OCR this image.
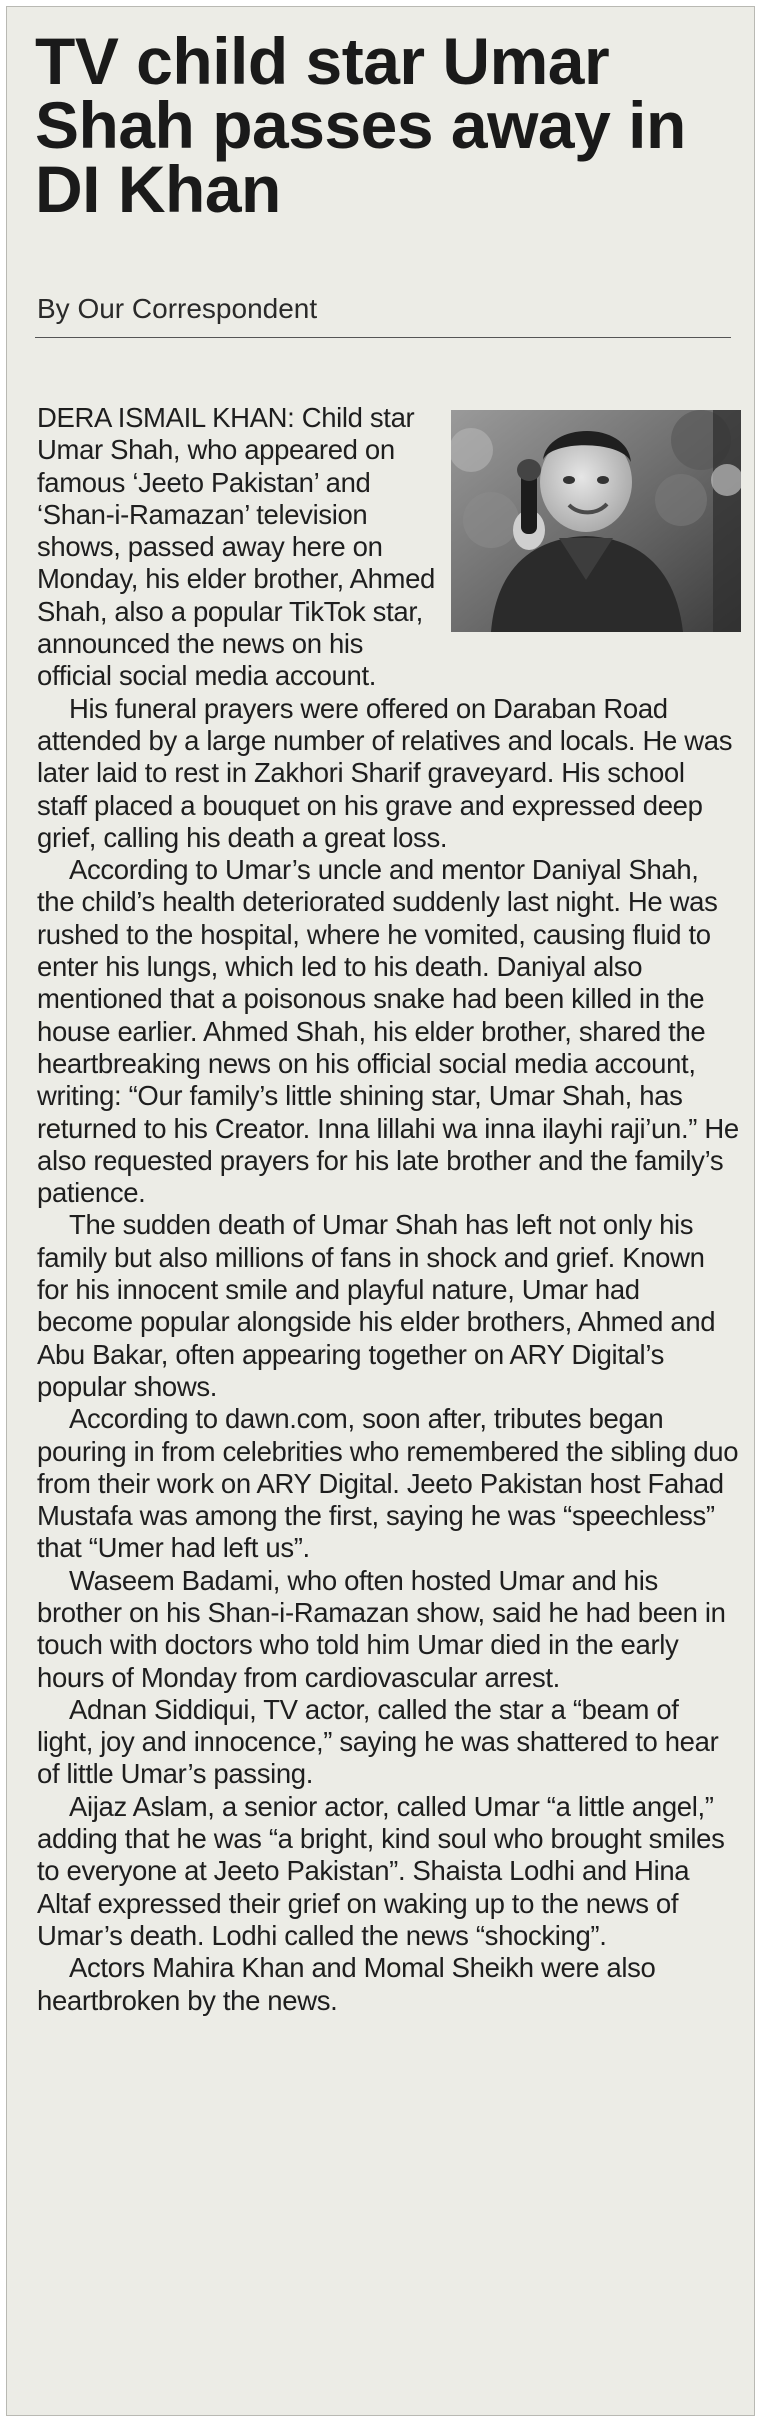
TV child star Umar Shah passes away in DI Khan
By Our Correspondent

DERA ISMAIL KHAN: Child star Umar Shah, who appeared on famous ‘Jeeto Pakistan’ and ‘Shan-i-Ramazan’ television shows, passed away here on Monday, his elder brother, Ahmed Shah, also a popular TikTok star, announced the news on his official social media account.

His funeral prayers were offered on Daraban Road attended by a large number of relatives and locals. He was later laid to rest in Zakhori Sharif graveyard. His school staff placed a bouquet on his grave and expressed deep grief, calling his death a great loss.

According to Umar’s uncle and mentor Daniyal Shah, the child’s health deteriorated suddenly last night. He was rushed to the hospital, where he vomited, causing fluid to enter his lungs, which led to his death. Daniyal also mentioned that a poisonous snake had been killed in the house earlier. Ahmed Shah, his elder brother, shared the heartbreaking news on his official social media account, writing: “Our family’s little shining star, Umar Shah, has returned to his Creator. Inna lillahi wa inna ilayhi raji’un.” He also requested prayers for his late brother and the family’s patience.

The sudden death of Umar Shah has left not only his family but also millions of fans in shock and grief. Known for his innocent smile and playful nature, Umar had become popular alongside his elder brothers, Ahmed and Abu Bakar, often appearing together on ARY Digital’s popular shows.

According to dawn.com, soon after, tributes began pouring in from celebrities who remembered the sibling duo from their work on ARY Digital. Jeeto Pakistan host Fahad Mustafa was among the first, saying he was “speechless” that “Umer had left us”.

Waseem Badami, who often hosted Umar and his brother on his Shan-i-Ramazan show, said he had been in touch with doctors who told him Umar died in the early hours of Monday from cardiovascular arrest.

Adnan Siddiqui, TV actor, called the star a “beam of light, joy and innocence,” saying he was shattered to hear of little Umar’s passing.

Aijaz Aslam, a senior actor, called Umar “a little angel,” adding that he was “a bright, kind soul who brought smiles to everyone at Jeeto Pakistan”. Shaista Lodhi and Hina Altaf expressed their grief on waking up to the news of Umar’s death. Lodhi called the news “shocking”.

Actors Mahira Khan and Momal Sheikh were also heartbroken by the news.
